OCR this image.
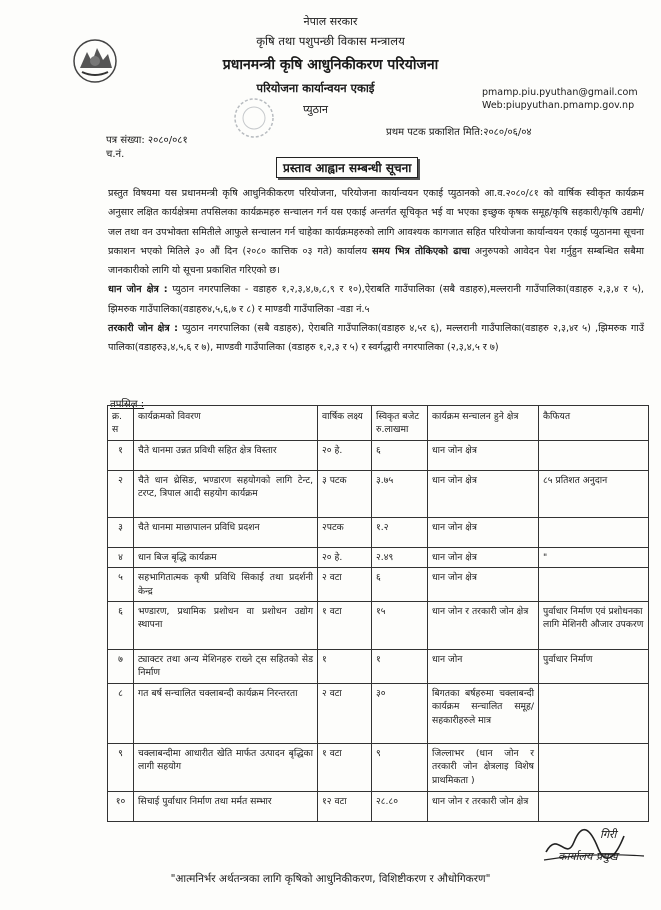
नेपाल सरकार
कृषि तथा पशुपन्छी विकास मन्त्रालय
प्रधानमन्त्री कृषि आधुनिकीकरण परियोजना
परियोजना कार्यान्वयन एकाई
प्युठान
pmamp.piu.pyuthan@gmail.com
Web:piupyuthan.pmamp.gov.np
पत्र संख्या: २०८०/०८१
च.नं.
प्रथम पटक प्रकाशित मिति:२०८०/०६/०४
प्रस्ताव आह्वान सम्बन्धी सूचना

प्रस्तुत विषयमा यस प्रधानमन्त्री कृषि आधुनिकीकरण परियोजना, परियोजना कार्यान्वयन एकाई प्युठानको आ.व.२०८०/८१ को वार्षिक स्वीकृत कार्यक्रम अनुसार लक्षित कार्यक्षेत्रमा तपसिलका कार्यक्रमहरु सन्चालन गर्न यस एकाई अन्तर्गत सूचिकृत भई वा भएका इच्छुक कृषक समूह/कृषि सहकारी/कृषि उद्यमी/जल तथा वन उपभोक्ता समितीले आफुले सन्चालन गर्न चाहेका कार्यक्रमहरुको लागि आवश्यक कागजात सहित परियोजना कार्यान्वयन एकाई प्युठानमा सूचना प्रकाशन भएको मितिले ३० औं दिन (२०८० कात्तिक ०३ गते) कार्यालय समय भित्र तोकिएको ढाचा अनुरुपको आवेदन पेश गर्नुहुन सम्बन्धित सबैमा जानकारीको लागि यो सूचना प्रकाशित गरिएको छ।

धान जोन क्षेत्र : प्युठान नगरपालिका - वडाहरु १,२,३,४,७,८,९ र १०),ऐराबति गाउँपालिका (सबै वडाहरु),मल्लरानी गाउँपालिका(वडाहरु २,३,४ र ५), झिमरुक गाउँपालिका(वडाहरु४,५,६,७ र ८) र माण्डवी गाउँपालिका -वडा नं.५

तरकारी जोन क्षेत्र : प्युठान नगरपालिका (सबै वडाहरु), ऐराबति गाउँपालिका(वडाहरु ४,५र ६), मल्लरानी गाउँपालिका(वडाहरु २,३,४र ५) ,झिमरुक गाउँ पालिका(वडाहरु३,४,५,६ र ७), माण्डवी गाउँपालिका (वडाहरु १,२,३ र ५) र स्वर्गद्धारी नगरपालिका (२,३,४,५ र ७)

तपसिल :
क्र. स	कार्यक्रमको विवरण	वार्षिक लक्ष्य	स्विकृत बजेट रु.लाखमा	कार्यक्रम सन्चालन हुने क्षेत्र	कैफियत
१	चैते धानमा उन्नत प्रविधी सहित क्षेत्र विस्तार	२० हे.	६	धान जोन क्षेत्र	
२	चैते धान थ्रेसिङ, भण्डारण सहयोगको लागि टेन्ट, टरप्ट, त्रिपाल आदी सहयोग कार्यक्रम	३ पटक	३.७५	धान जोन क्षेत्र	८५ प्रतिशत अनुदान
३	चैते धानमा माछापालन प्रविधि प्रदशन	२पटक	१.२	धान जोन क्षेत्र	
४	धान बिज बृद्धि कार्यक्रम	२० हे.	२.४९	धान जोन क्षेत्र	"
५	सहभागितात्मक कृषी प्रविधि सिकाई तथा प्रदर्शनी केन्द्र	२ वटा	६	धान जोन क्षेत्र	
६	भण्डारण, प्रथामिक प्रशोधन वा प्रशोधन उद्योग स्थापना	१ वटा	१५	धान जोन र तरकारी जोन क्षेत्र	पुर्वाधार निर्माण एवं प्रशोधनका लागि मेशिनरी औजार उपकरण
७	ट्याक्टर तथा अन्य मेशिनहरु राख्ने ट्स सहितको सेड निर्माण	१	१	धान जोन	पुर्वाधार निर्माण
८	गत बर्ष सन्चालित चक्लाबन्दी कार्यक्रम निरन्तरता	२ वटा	३०	बिगतका बर्षहरुमा चक्लाबन्दी कार्यक्रम सन्चालित समूह/ सहकारीहरुले मात्र	
९	चक्लाबन्दीमा आधारीत खेति मार्फत उत्पादन बृद्धिका लागी सहयोग	१ वटा	९	जिल्लाभर (धान जोन र तरकारी जोन क्षेत्रलाइ विशेष प्राथमिकता )	
१०	सिचाई पुर्वाधार निर्माण तथा मर्मत सम्भार	१२ वटा	२८.८०	धान जोन र तरकारी जोन क्षेत्र	
गिरी
कार्यालय प्रमुख
"आत्मनिर्भर अर्थतन्त्रका लागि कृषिको आधुनिकीकरण, विशिष्टीकरण र औधोगिकरण"
